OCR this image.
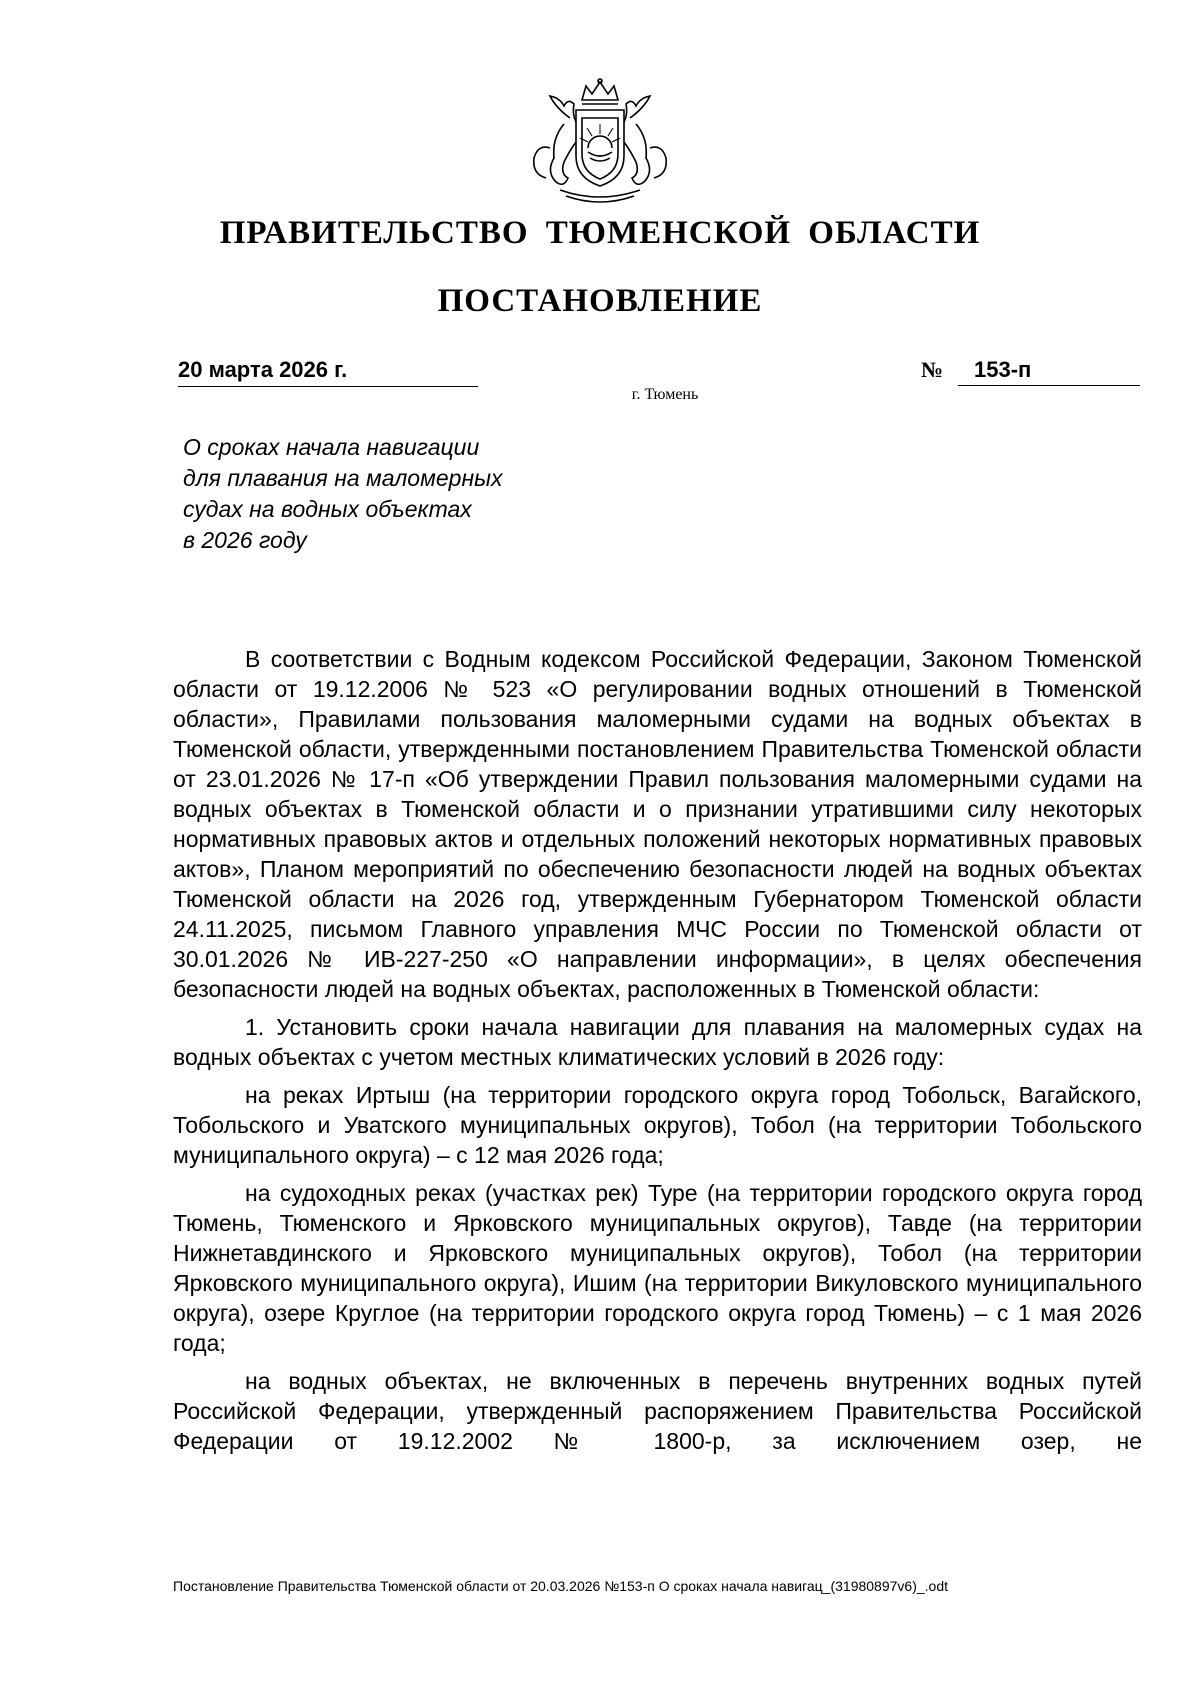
ПРАВИТЕЛЬСТВО ТЮМЕНСКОЙ ОБЛАСТИ
ПОСТАНОВЛЕНИЕ
20 марта 2026 г.	№	153-п
г. Тюмень
О сроках начала навигации
для плавания на маломерных
судах на водных объектах
в 2026 году

В соответствии с Водным кодексом Российской Федерации, Законом Тюменской области от 19.12.2006 № 523 «О регулировании водных отношений в Тюменской области», Правилами пользования маломерными судами на водных объектах в Тюменской области, утвержденными постановлением Правительства Тюменской области от 23.01.2026 № 17-п «Об утверждении Правил пользования маломерными судами на водных объектах в Тюменской области и о признании утратившими силу некоторых нормативных правовых актов и отдельных положений некоторых нормативных правовых актов», Планом мероприятий по обеспечению безопасности людей на водных объектах Тюменской области на 2026 год, утвержденным Губернатором Тюменской области 24.11.2025, письмом Главного управления МЧС России по Тюменской области от 30.01.2026 № ИВ-227-250 «О направлении информации», в целях обеспечения безопасности людей на водных объектах, расположенных в Тюменской области:

1. Установить сроки начала навигации для плавания на маломерных судах на водных объектах с учетом местных климатических условий в 2026 году:

на реках Иртыш (на территории городского округа город Тобольск, Вагайского, Тобольского и Уватского муниципальных округов), Тобол (на территории Тобольского муниципального округа) – с 12 мая 2026 года;

на судоходных реках (участках рек) Туре (на территории городского округа город Тюмень, Тюменского и Ярковского муниципальных округов), Тавде (на территории Нижнетавдинского и Ярковского муниципальных округов), Тобол (на территории Ярковского муниципального округа), Ишим (на территории Викуловского муниципального округа), озере Круглое (на территории городского округа город Тюмень) – с 1 мая 2026 года;

на водных объектах, не включенных в перечень внутренних водных путей Российской Федерации, утвержденный распоряжением Правительства Российской Федерации от 19.12.2002 № 1800-р, за исключением озер, не

Постановление Правительства Тюменской области от 20.03.2026 №153-п О сроках начала навигац_(31980897v6)_.odt
